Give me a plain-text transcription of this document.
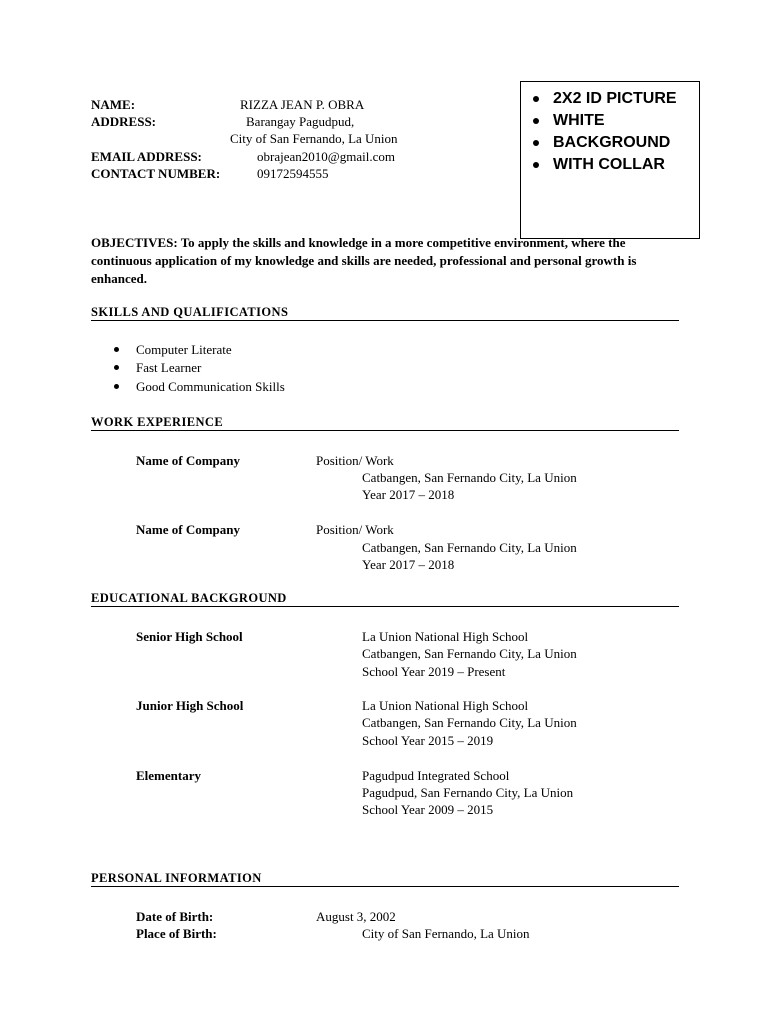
NAME:	RIZZA JEAN P. OBRA
ADDRESS:	Barangay Pagudpud,
City of San Fernando, La Union
EMAIL ADDRESS:	obrajean2010@gmail.com
CONTACT NUMBER:	09172594555
2X2 ID PICTURE
WHITE
BACKGROUND
WITH COLLAR
OBJECTIVES: To apply the skills and knowledge in a more competitive environment, where the continuous application of my knowledge and skills are needed, professional and personal growth is enhanced.
SKILLS AND QUALIFICATIONS
Computer Literate
Fast Learner
Good Communication Skills
WORK EXPERIENCE
Name of Company	Position/ Work
Catbangen, San Fernando City, La Union
Year 2017 – 2018
Name of Company	Position/ Work
Catbangen, San Fernando City, La Union
Year 2017 – 2018
EDUCATIONAL BACKGROUND
Senior High School	La Union National High School
Catbangen, San Fernando City, La Union
School Year 2019 – Present
Junior High School	La Union National High School
Catbangen, San Fernando City, La Union
School Year 2015 – 2019
Elementary	Pagudpud Integrated School
Pagudpud, San Fernando City, La Union
School Year 2009 – 2015
PERSONAL INFORMATION
Date of Birth:	August 3, 2002
Place of Birth:	City of San Fernando, La Union
